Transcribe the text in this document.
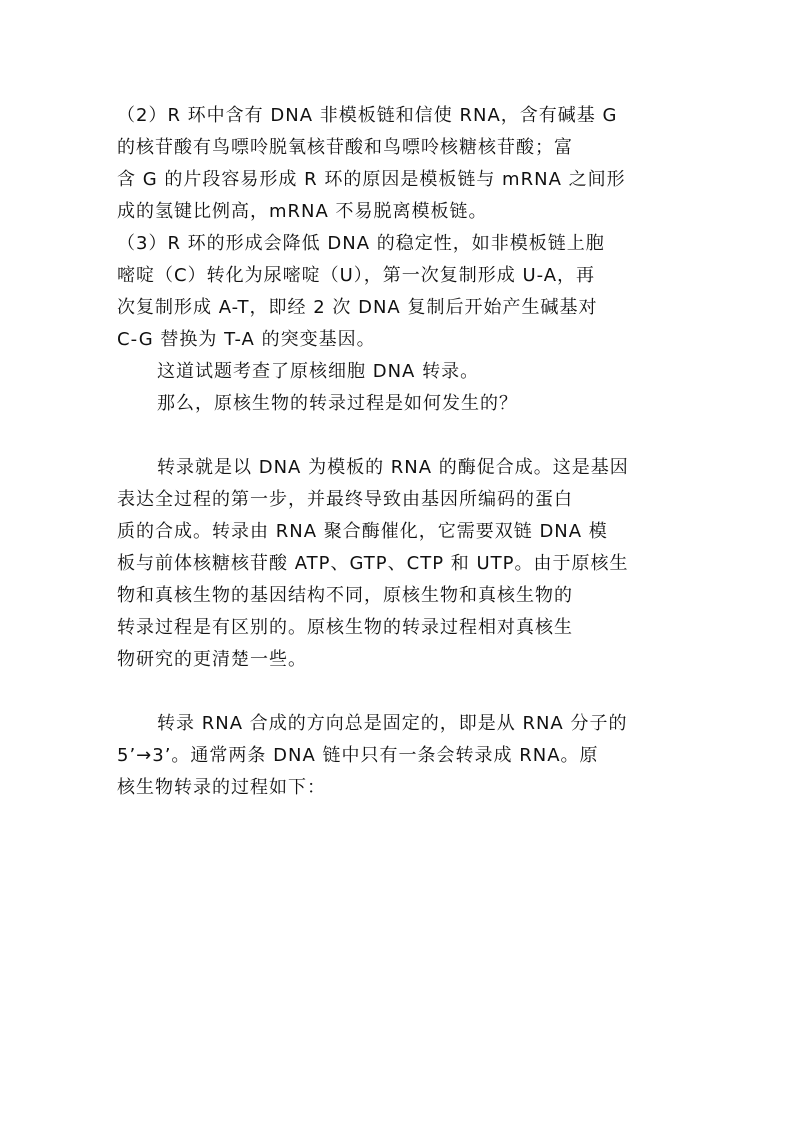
（2）R 环中含有 DNA 非模板链和信使 RNA，含有碱基 G
的核苷酸有鸟嘌呤脱氧核苷酸和鸟嘌呤核糖核苷酸；富
含 G 的片段容易形成 R 环的原因是模板链与 mRNA 之间形
成的氢键比例高，mRNA 不易脱离模板链。
（3）R 环的形成会降低 DNA 的稳定性，如非模板链上胞
嘧啶（C）转化为尿嘧啶（U），第一次复制形成 U-A，再
次复制形成 A-T，即经 2 次 DNA 复制后开始产生碱基对
C-G 替换为 T-A 的突变基因。
这道试题考查了原核细胞 DNA 转录。
那么，原核生物的转录过程是如何发生的？
转录就是以 DNA 为模板的 RNA 的酶促合成。这是基因
表达全过程的第一步，并最终导致由基因所编码的蛋白
质的合成。转录由 RNA 聚合酶催化，它需要双链 DNA 模
板与前体核糖核苷酸 ATP、GTP、CTP 和 UTP。由于原核生
物和真核生物的基因结构不同，原核生物和真核生物的
转录过程是有区别的。原核生物的转录过程相对真核生
物研究的更清楚一些。
转录 RNA 合成的方向总是固定的，即是从 RNA 分子的
5’→3’。通常两条 DNA 链中只有一条会转录成 RNA。原
核生物转录的过程如下：
